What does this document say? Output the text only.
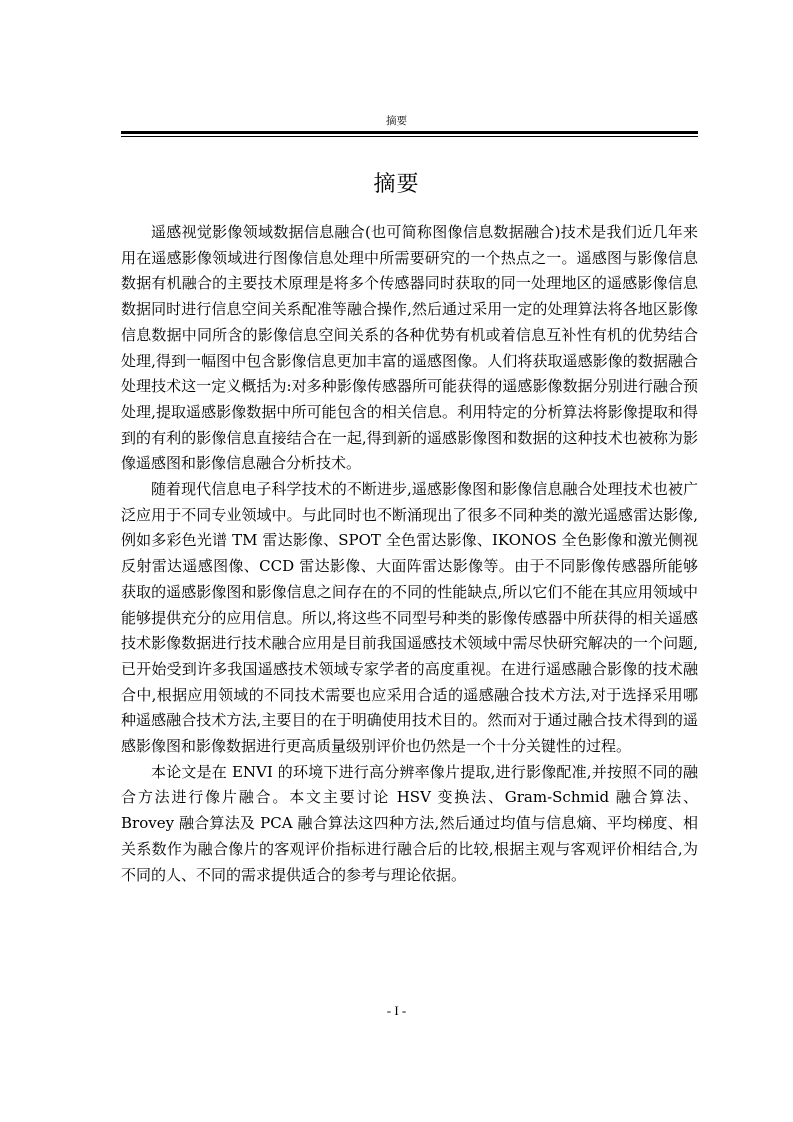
摘要
摘要

遥感视觉影像领域数据信息融合(也可简称图像信息数据融合)技术是我们近几年来用在遥感影像领域进行图像信息处理中所需要研究的一个热点之一。遥感图与影像信息数据有机融合的主要技术原理是将多个传感器同时获取的同一处理地区的遥感影像信息数据同时进行信息空间关系配准等融合操作,然后通过采用一定的处理算法将各地区影像信息数据中同所含的影像信息空间关系的各种优势有机或着信息互补性有机的优势结合处理,得到一幅图中包含影像信息更加丰富的遥感图像。人们将获取遥感影像的数据融合处理技术这一定义概括为:对多种影像传感器所可能获得的遥感影像数据分别进行融合预处理,提取遥感影像数据中所可能包含的相关信息。利用特定的分析算法将影像提取和得到的有利的影像信息直接结合在一起,得到新的遥感影像图和数据的这种技术也被称为影像遥感图和影像信息融合分析技术。

随着现代信息电子科学技术的不断进步,遥感影像图和影像信息融合处理技术也被广泛应用于不同专业领域中。与此同时也不断涌现出了很多不同种类的激光遥感雷达影像,例如多彩色光谱 TM 雷达影像、SPOT 全色雷达影像、IKONOS 全色影像和激光侧视反射雷达遥感图像、CCD 雷达影像、大面阵雷达影像等。由于不同影像传感器所能够获取的遥感影像图和影像信息之间存在的不同的性能缺点,所以它们不能在其应用领域中能够提供充分的应用信息。所以,将这些不同型号种类的影像传感器中所获得的相关遥感技术影像数据进行技术融合应用是目前我国遥感技术领域中需尽快研究解决的一个问题,已开始受到许多我国遥感技术领域专家学者的高度重视。在进行遥感融合影像的技术融合中,根据应用领域的不同技术需要也应采用合适的遥感融合技术方法,对于选择采用哪种遥感融合技术方法,主要目的在于明确使用技术目的。然而对于通过融合技术得到的遥感影像图和影像数据进行更高质量级别评价也仍然是一个十分关键性的过程。

本论文是在 ENVI 的环境下进行高分辨率像片提取,进行影像配准,并按照不同的融合方法进行像片融合。本文主要讨论 HSV 变换法、Gram-Schmid 融合算法、Brovey 融合算法及 PCA 融合算法这四种方法,然后通过均值与信息熵、平均梯度、相关系数作为融合像片的客观评价指标进行融合后的比较,根据主观与客观评价相结合,为不同的人、不同的需求提供适合的参考与理论依据。

- I -
